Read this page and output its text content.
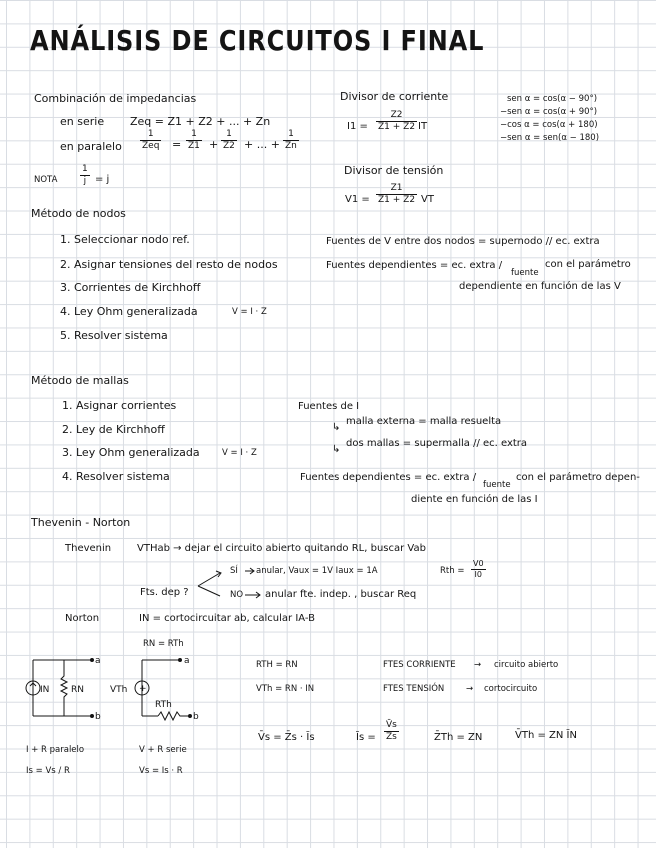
ANÁLISIS DE CIRCUITOS I FINAL
Combinación de impedancias
en serie Zeq = Z1 + Z2 + ... + Zn
en paralelo
1
Zeq = $\frac{1}{Z1} + \frac{1}{Z2}$ + ... + $\frac{1}{Zn}$
NOTA	$\frac{1}{j} = j$
Divisor de corriente
$I1 = \frac{Z2}{Z1 + Z2}$ IT
Divisor de tensión
$V1 = \frac{Z1}{Z1 + Z2}$ VT
sen α = cos(α − 90°)
−sen α = cos(α + 90°)
−cos α = cos(α + 180)
−sen α = sen(α − 180)
Método de nodos
1. Seleccionar nodo ref.
2. Asignar tensiones del resto de nodos
3. Corrientes de Kirchhoff
4. Ley Ohm generalizada	V = I · Z
5. Resolver sistema
Fuentes de V entre dos nodos = supernodo // ec. extra
Fuentes dependientes = ec. extra /
fuente
con el parámetro
dependiente en función de las V
Método de mallas
1. Asignar corrientes
2. Ley de Kirchhoff
3. Ley Ohm generalizada	V = I · Z
4. Resolver sistema
Fuentes de I
↳
malla externa = malla resuelta
↳
dos mallas = supermalla // ec. extra
Fuentes dependientes = ec. extra /
fuente
con el parámetro depen-
diente en función de las I
Thevenin - Norton
Thevenin	VTHab → dejar el circuito abierto quitando RL, buscar Vab
Fts. dep ?
SÍ anular, Vaux = 1V Iaux = 1A	Rth = $\frac{V0}{I0}$
NO anular fte. indep. , buscar Req
Norton	IN = cortocircuitar ab, calcular IA-B
RN = RTh
RTH = RN
VTh = RN · IN
FTES CORRIENTE → circuito abierto
FTES TENSIÓN	→ cortocircuito
V̄s = Z̄s · Īs	Īs = $\frac{V̄s}{Z̄s}$	Z̄Th = ZN	V̄Th = ZN ĪN
I + R paralelo
Is = Vs / R
V + R serie
Vs = Is · R
IN RN
a
b
VTh +
a
b
RTh
